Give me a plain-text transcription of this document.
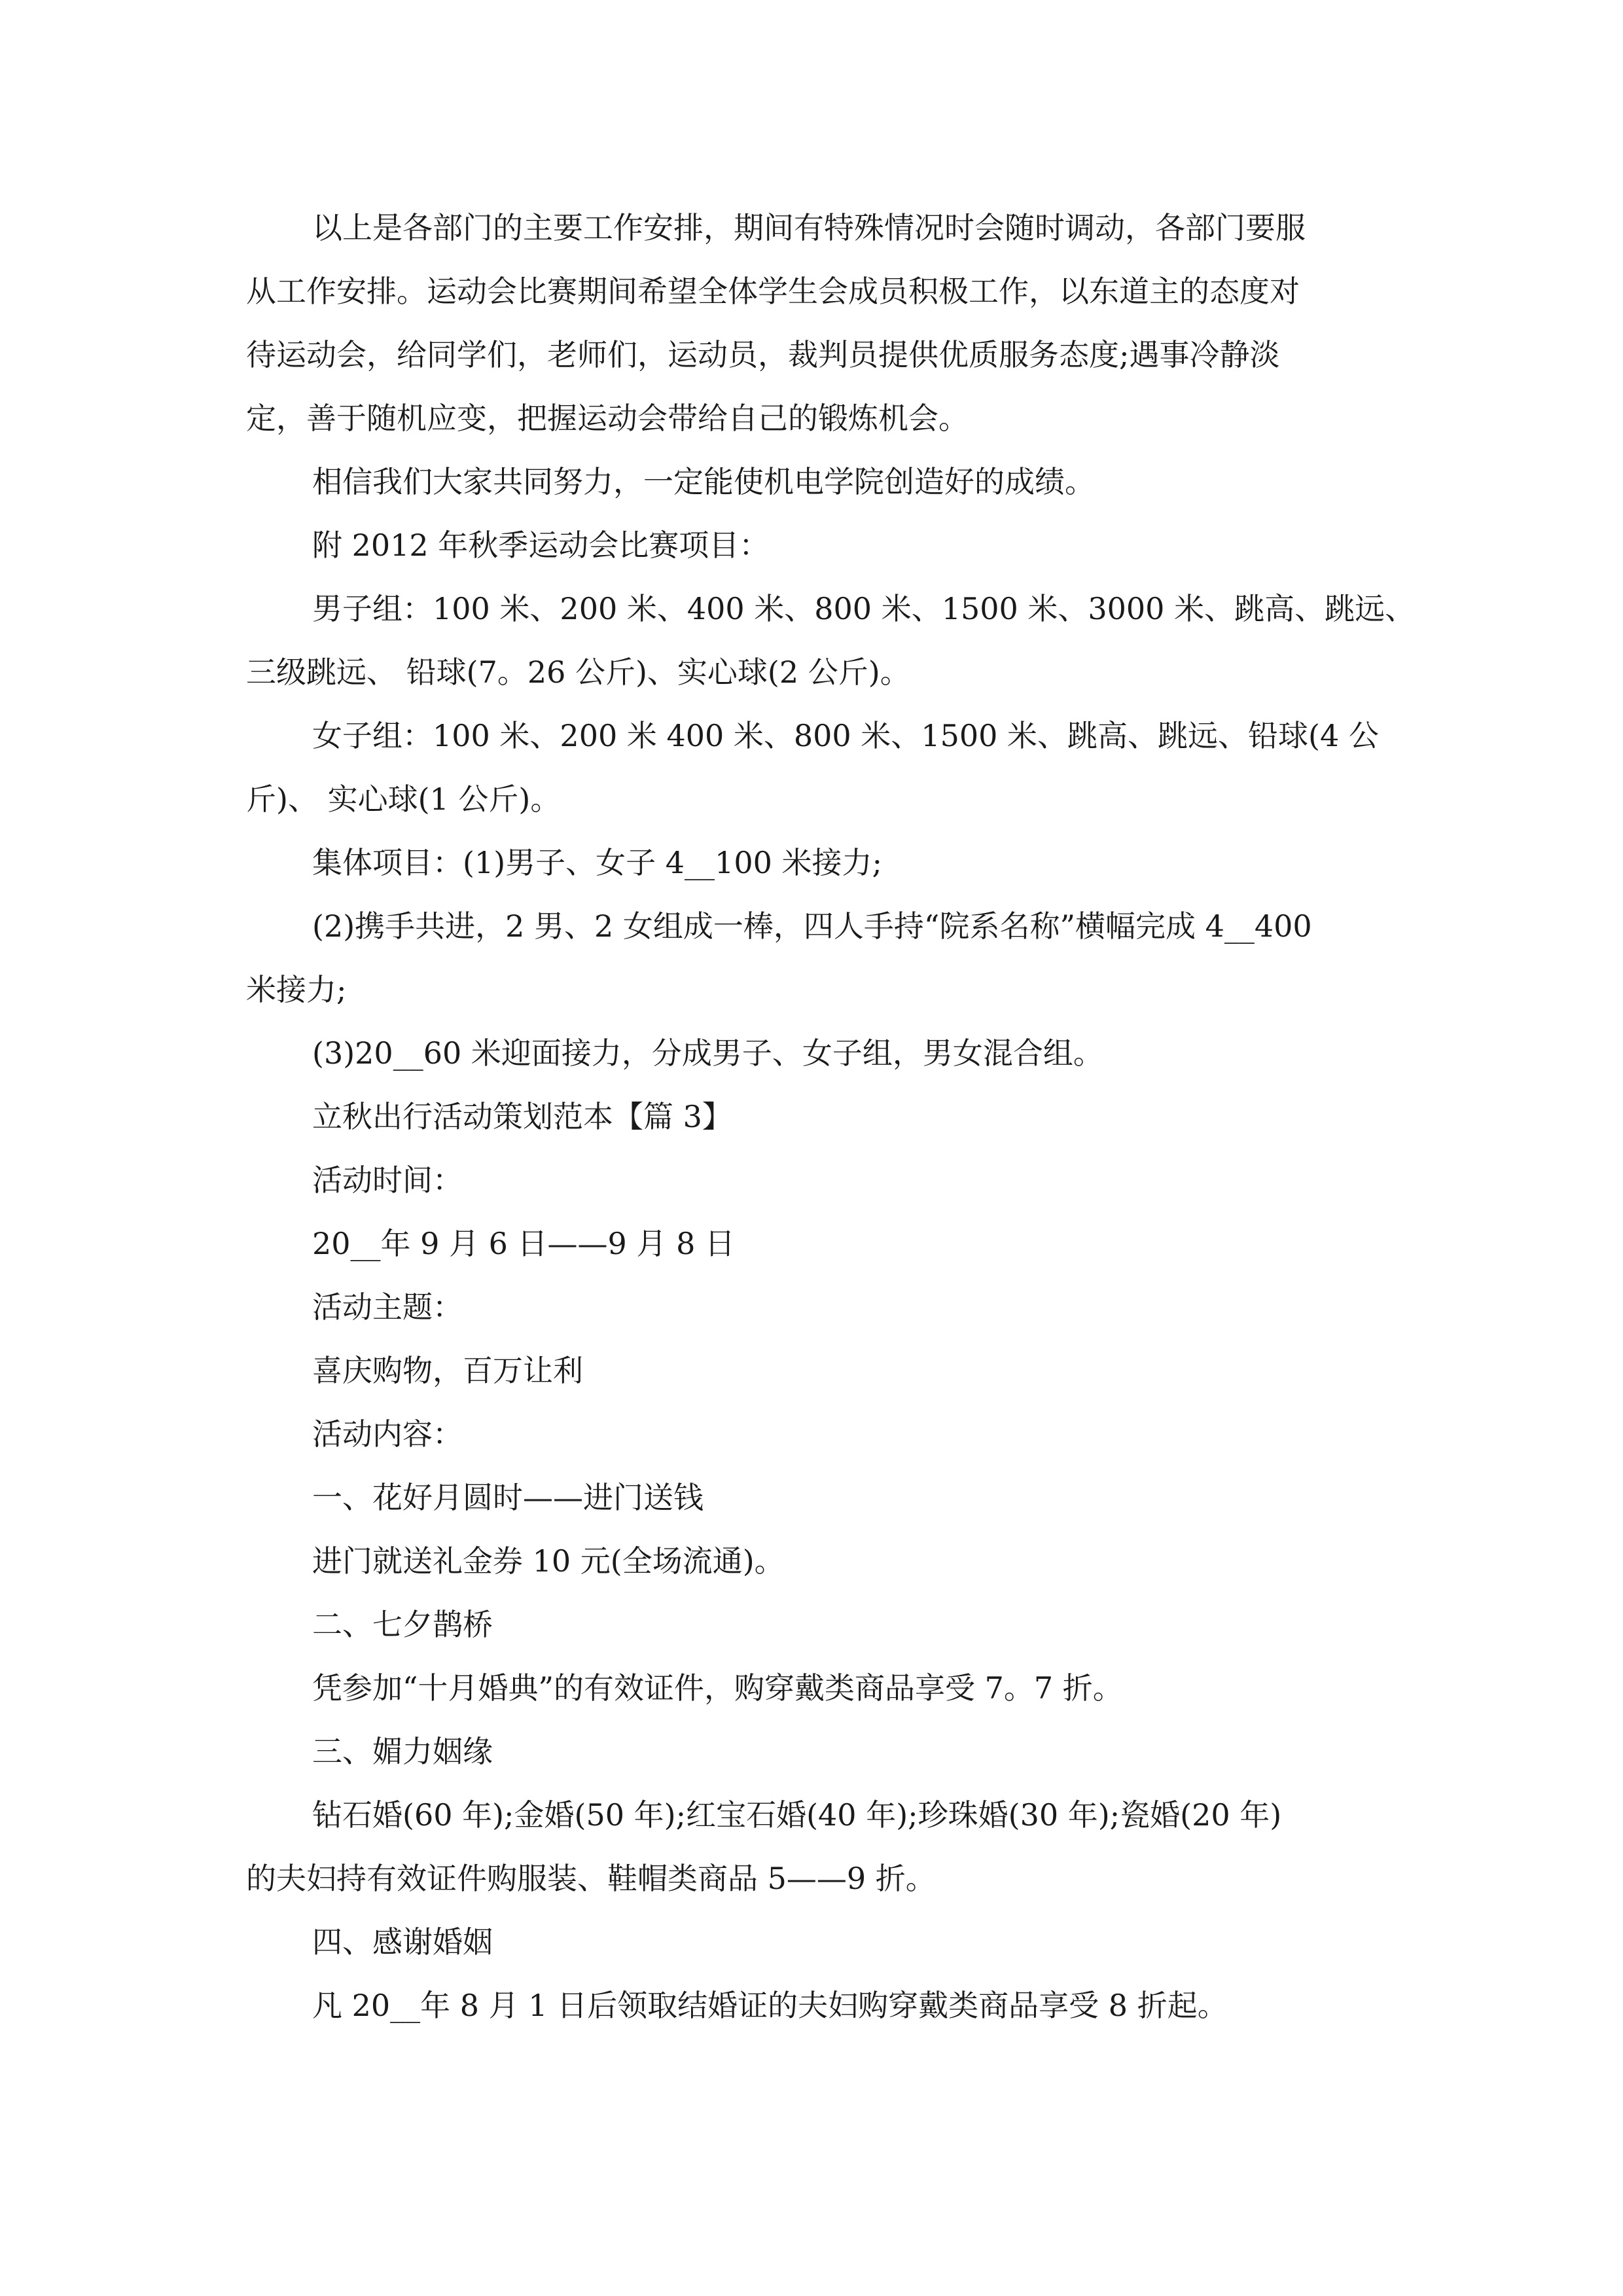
以上是各部门的主要工作安排，期间有特殊情况时会随时调动，各部门要服

从工作安排。运动会比赛期间希望全体学生会成员积极工作，以东道主的态度对

待运动会，给同学们，老师们，运动员，裁判员提供优质服务态度;遇事冷静淡

定，善于随机应变，把握运动会带给自己的锻炼机会。

相信我们大家共同努力，一定能使机电学院创造好的成绩。

附 2012 年秋季运动会比赛项目：

男子组：100 米、200 米、400 米、800 米、1500 米、3000 米、跳高、跳远、

三级跳远、 铅球(7。26 公斤)、实心球(2 公斤)。

女子组：100 米、200 米 400 米、800 米、1500 米、跳高、跳远、铅球(4 公

斤)、 实心球(1 公斤)。

集体项目：(1)男子、女子 4__100 米接力;

(2)携手共进，2 男、2 女组成一棒，四人手持“院系名称”横幅完成 4__400

米接力;

(3)20__60 米迎面接力，分成男子、女子组，男女混合组。

立秋出行活动策划范本【篇 3】

活动时间：

20__年 9 月 6 日——9 月 8 日

活动主题：

喜庆购物，百万让利

活动内容：

一、花好月圆时——进门送钱

进门就送礼金券 10 元(全场流通)。

二、七夕鹊桥

凭参加“十月婚典”的有效证件，购穿戴类商品享受 7。7 折。

三、媚力姻缘

钻石婚(60 年);金婚(50 年);红宝石婚(40 年);珍珠婚(30 年);瓷婚(20 年)

的夫妇持有效证件购服装、鞋帽类商品 5——9 折。

四、感谢婚姻

凡 20__年 8 月 1 日后领取结婚证的夫妇购穿戴类商品享受 8 折起。
